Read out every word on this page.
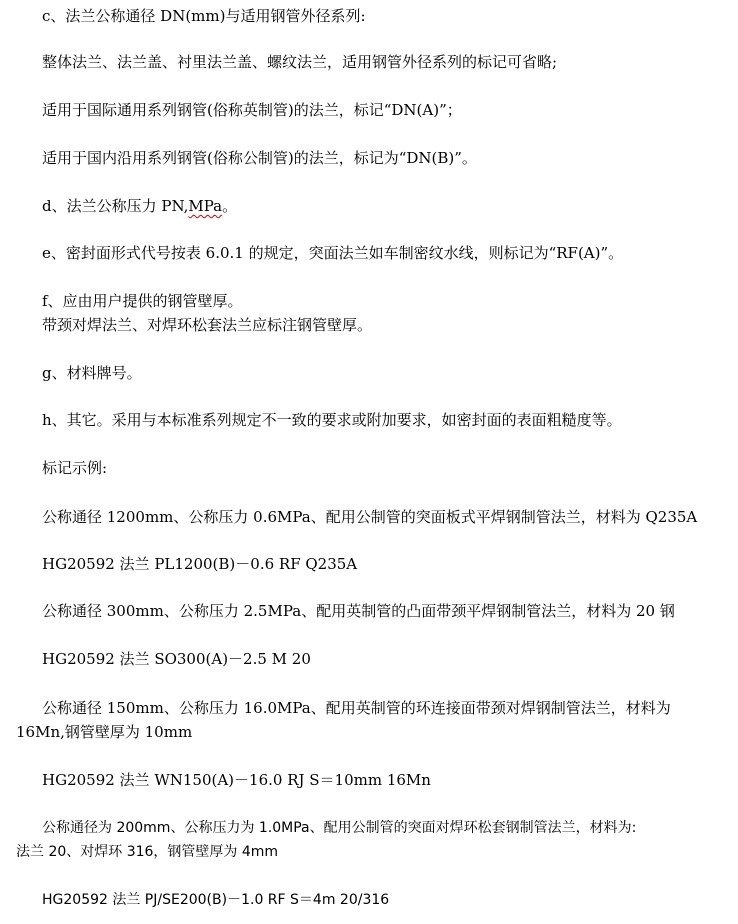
c、法兰公称通径 DN(mm)与适用钢管外径系列:
整体法兰、法兰盖、衬里法兰盖、螺纹法兰，适用钢管外径系列的标记可省略;
适用于国际通用系列钢管(俗称英制管)的法兰，标记“DN(A)”；
适用于国内沿用系列钢管(俗称公制管)的法兰，标记为“DN(B)”。
d、法兰公称压力 PN,MPa。
e、密封面形式代号按表 6.0.1 的规定，突面法兰如车制密纹水线，则标记为“RF(A)”。
f、应由用户提供的钢管壁厚。
带颈对焊法兰、对焊环松套法兰应标注钢管壁厚。
g、材料牌号。
h、其它。采用与本标准系列规定不一致的要求或附加要求，如密封面的表面粗糙度等。
标记示例:
公称通径 1200mm、公称压力 0.6MPa、配用公制管的突面板式平焊钢制管法兰，材料为 Q235A
HG20592 法兰 PL1200(B)－0.6 RF Q235A
公称通径 300mm、公称压力 2.5MPa、配用英制管的凸面带颈平焊钢制管法兰，材料为 20 钢
HG20592 法兰 SO300(A)－2.5 M 20
公称通径 150mm、公称压力 16.0MPa、配用英制管的环连接面带颈对焊钢制管法兰，材料为
16Mn,钢管壁厚为 10mm
HG20592 法兰 WN150(A)－16.0 RJ S＝10mm 16Mn
公称通径为 200mm、公称压力为 1.0MPa、配用公制管的突面对焊环松套钢制管法兰，材料为:
法兰 20、对焊环 316，钢管壁厚为 4mm
HG20592 法兰 PJ/SE200(B)－1.0 RF S＝4m 20/316
